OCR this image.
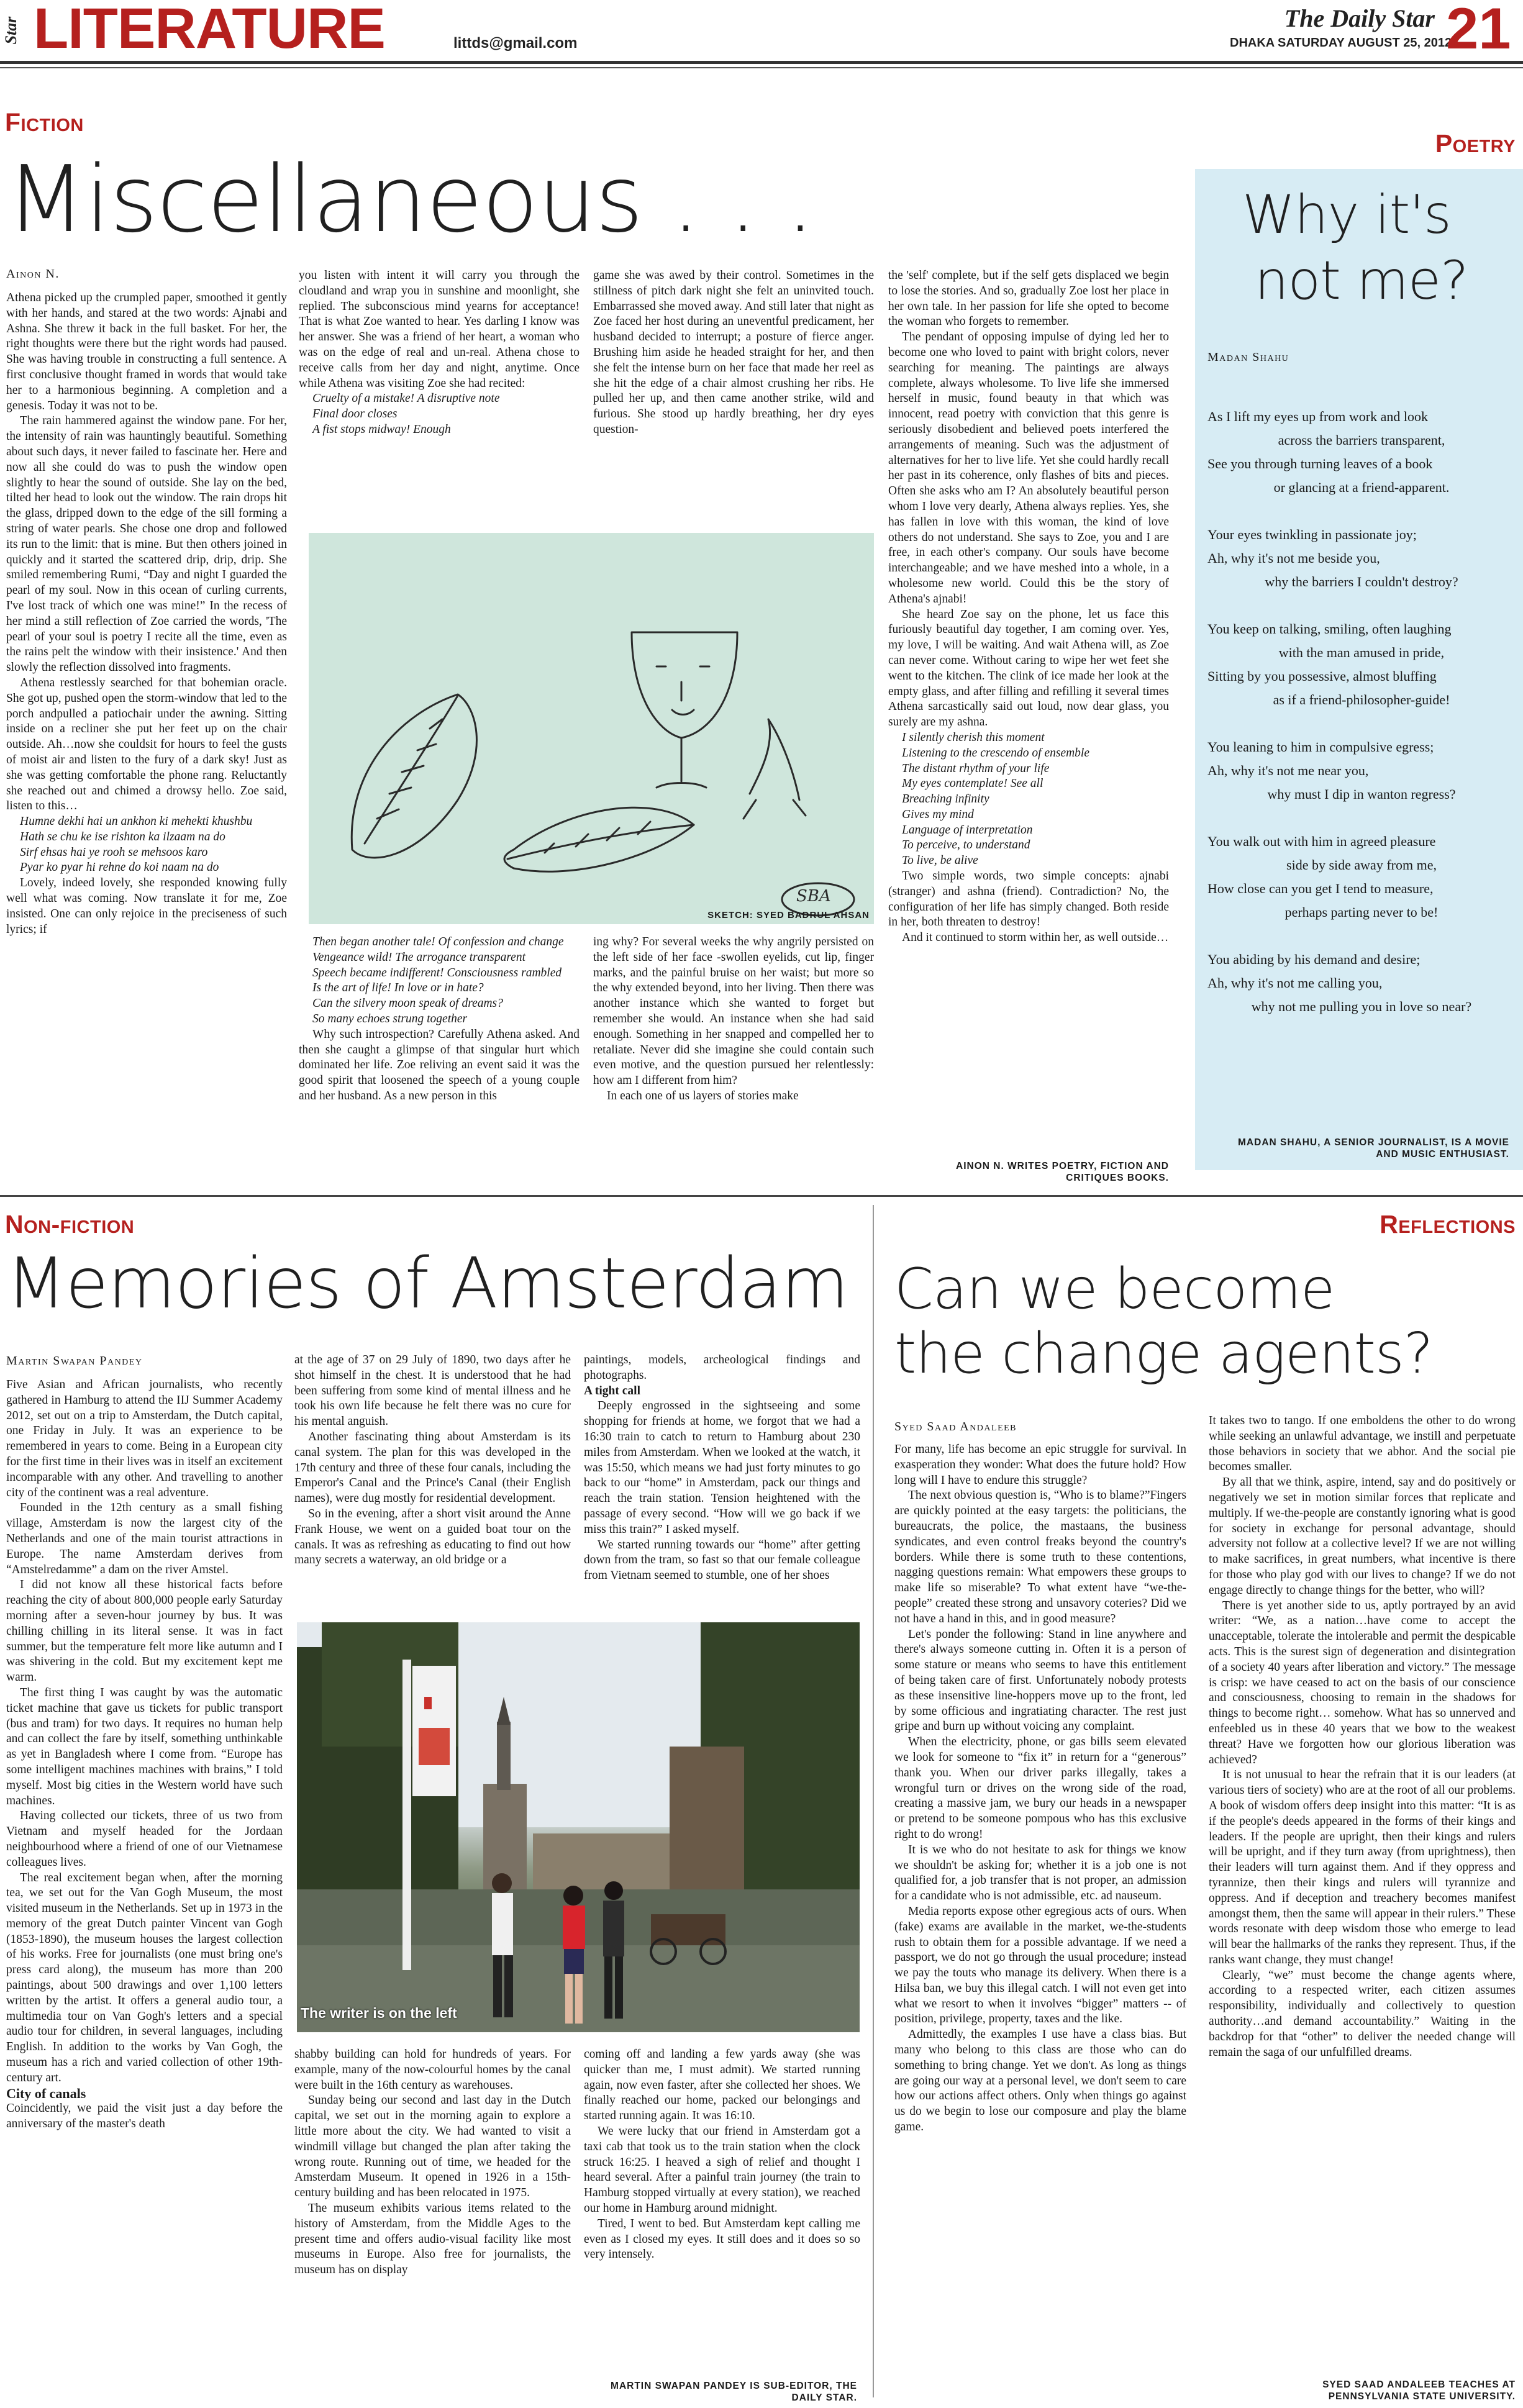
Star LITERATURE	littds@gmail.com
The Daily Star
DHAKA SATURDAY AUGUST 25, 2012
21
Fiction
Miscellaneous . . .
Ainon N.

Athena picked up the crumpled paper, smoothed it gently with her hands, and stared at the two words: Ajnabi and Ashna. She threw it back in the full basket. For her, the right thoughts were there but the right words had paused. She was having trouble in constructing a full sentence. A first conclusive thought framed in words that would take her to a harmonious beginning. A completion and a genesis. Today it was not to be.

The rain hammered against the window pane. For her, the intensity of rain was hauntingly beautiful. Something about such days, it never failed to fascinate her. Here and now all she could do was to push the window open slightly to hear the sound of outside. She lay on the bed, tilted her head to look out the window. The rain drops hit the glass, dripped down to the edge of the sill forming a string of water pearls. She chose one drop and followed its run to the limit: that is mine. But then others joined in quickly and it started the scattered drip, drip, drip. She smiled remembering Rumi, “Day and night I guarded the pearl of my soul. Now in this ocean of curling currents, I've lost track of which one was mine!” In the recess of her mind a still reflection of Zoe carried the words, 'The pearl of your soul is poetry I recite all the time, even as the rains pelt the window with their insistence.' And then slowly the reflection dissolved into fragments.

Athena restlessly searched for that bohemian oracle. She got up, pushed open the storm-window that led to the porch andpulled a patiochair under the awning. Sitting inside on a recliner she put her feet up on the chair outside. Ah…now she couldsit for hours to feel the gusts of moist air and listen to the fury of a dark sky! Just as she was getting comfortable the phone rang. Reluctantly she reached out and chimed a drowsy hello. Zoe said, listen to this…

Humne dekhi hai un ankhon ki mehekti khushbu

Hath se chu ke ise rishton ka ilzaam na do

Sirf ehsas hai ye rooh se mehsoos karo

Pyar ko pyar hi rehne do koi naam na do

Lovely, indeed lovely, she responded knowing fully well what was coming. Now translate it for me, Zoe insisted. One can only rejoice in the preciseness of such lyrics; if

you listen with intent it will carry you through the cloudland and wrap you in sunshine and moonlight, she replied. The subconscious mind yearns for acceptance! That is what Zoe wanted to hear. Yes darling I know was her answer. She was a friend of her heart, a woman who was on the edge of real and un-real. Athena chose to receive calls from her day and night, anytime. Once while Athena was visiting Zoe she had recited:

Cruelty of a mistake! A disruptive note

Final door closes

A fist stops midway! Enough

game she was awed by their control. Sometimes in the stillness of pitch dark night she felt an uninvited touch. Embarrassed she moved away. And still later that night as Zoe faced her host during an uneventful predicament, her husband decided to interrupt; a posture of fierce anger. Brushing him aside he headed straight for her, and then she felt the intense burn on her face that made her reel as she hit the edge of a chair almost crushing her ribs. He pulled her up, and then came another strike, wild and furious. She stood up hardly breathing, her dry eyes question-

SBA
SKETCH: SYED BADRUL AHSAN

Then began another tale! Of confession and change

Vengeance wild! The arrogance transparent

Speech became indifferent! Consciousness rambled

Is the art of life! In love or in hate?

Can the silvery moon speak of dreams?

So many echoes strung together

Why such introspection? Carefully Athena asked. And then she caught a glimpse of that singular hurt which dominated her life. Zoe reliving an event said it was the good spirit that loosened the speech of a young couple and her husband. As a new person in this

ing why? For several weeks the why angrily persisted on the left side of her face -swollen eyelids, cut lip, finger marks, and the painful bruise on her waist; but more so the why extended beyond, into her living. Then there was another instance which she wanted to forget but remember she would. An instance when she had said enough. Something in her snapped and compelled her to retaliate. Never did she imagine she could contain such even motive, and the question pursued her relentlessly: how am I different from him?

In each one of us layers of stories make

the 'self' complete, but if the self gets displaced we begin to lose the stories. And so, gradually Zoe lost her place in her own tale. In her passion for life she opted to become the woman who forgets to remember.

The pendant of opposing impulse of dying led her to become one who loved to paint with bright colors, never searching for meaning. The paintings are always complete, always wholesome. To live life she immersed herself in music, found beauty in that which was innocent, read poetry with conviction that this genre is seriously disobedient and believed poets interfered the arrangements of meaning. Such was the adjustment of alternatives for her to live life. Yet she could hardly recall her past in its coherence, only flashes of bits and pieces. Often she asks who am I? An absolutely beautiful person whom I love very dearly, Athena always replies. Yes, she has fallen in love with this woman, the kind of love others do not understand. She says to Zoe, you and I are free, in each other's company. Our souls have become interchangeable; and we have meshed into a whole, in a wholesome new world. Could this be the story of Athena's ajnabi!

She heard Zoe say on the phone, let us face this furiously beautiful day together, I am coming over. Yes, my love, I will be waiting. And wait Athena will, as Zoe can never come. Without caring to wipe her wet feet she went to the kitchen. The clink of ice made her look at the empty glass, and after filling and refilling it several times Athena sarcastically said out loud, now dear glass, you surely are my ashna.

I silently cherish this moment

Listening to the crescendo of ensemble

The distant rhythm of your life

My eyes contemplate! See all

Breaching infinity

Gives my mind

Language of interpretation

To perceive, to understand

To live, be alive

Two simple words, two simple concepts: ajnabi (stranger) and ashna (friend). Contradiction? No, the configuration of her life has simply changed. Both reside in her, both threaten to destroy!

And it continued to storm within her, as well outside…

AINON N. WRITES POETRY, FICTION AND CRITIQUES BOOKS.
Poetry
Why it's
not me?
Madan Shahu

As I lift my eyes up from work and look

across the barriers transparent,

See you through turning leaves of a book

or glancing at a friend-apparent.

Your eyes twinkling in passionate joy;

Ah, why it's not me beside you,

why the barriers I couldn't destroy?

You keep on talking, smiling, often laughing

with the man amused in pride,

Sitting by you possessive, almost bluffing

as if a friend-philosopher-guide!

You leaning to him in compulsive egress;

Ah, why it's not me near you,

why must I dip in wanton regress?

You walk out with him in agreed pleasure

side by side away from me,

How close can you get I tend to measure,

perhaps parting never to be!

You abiding by his demand and desire;

Ah, why it's not me calling you,

why not me pulling you in love so near?

MADAN SHAHU, A SENIOR JOURNALIST, IS A MOVIE AND MUSIC ENTHUSIAST.
Non-fiction
Memories of Amsterdam
Martin Swapan Pandey

Five Asian and African journalists, who recently gathered in Hamburg to attend the IIJ Summer Academy 2012, set out on a trip to Amsterdam, the Dutch capital, one Friday in July. It was an experience to be remembered in years to come. Being in a European city for the first time in their lives was in itself an excitement incomparable with any other. And travelling to another city of the continent was a real adventure.

Founded in the 12th century as a small fishing village, Amsterdam is now the largest city of the Netherlands and one of the main tourist attractions in Europe. The name Amsterdam derives from “Amstelredamme” a dam on the river Amstel.

I did not know all these historical facts before reaching the city of about 800,000 people early Saturday morning after a seven-hour journey by bus. It was chilling chilling in its literal sense. It was in fact summer, but the temperature felt more like autumn and I was shivering in the cold. But my excitement kept me warm.

The first thing I was caught by was the automatic ticket machine that gave us tickets for public transport (bus and tram) for two days. It requires no human help and can collect the fare by itself, something unthinkable as yet in Bangladesh where I come from. “Europe has some intelligent machines machines with brains,” I told myself. Most big cities in the Western world have such machines.

Having collected our tickets, three of us two from Vietnam and myself headed for the Jordaan neighbourhood where a friend of one of our Vietnamese colleagues lives.

The real excitement began when, after the morning tea, we set out for the Van Gogh Museum, the most visited museum in the Netherlands. Set up in 1973 in the memory of the great Dutch painter Vincent van Gogh (1853-1890), the museum houses the largest collection of his works. Free for journalists (one must bring one's press card along), the museum has more than 200 paintings, about 500 drawings and over 1,100 letters written by the artist. It offers a general audio tour, a multimedia tour on Van Gogh's letters and a special audio tour for children, in several languages, including English. In addition to the works by Van Gogh, the museum has a rich and varied collection of other 19th-century art.

City of canals

Coincidently, we paid the visit just a day before the anniversary of the master's death

at the age of 37 on 29 July of 1890, two days after he shot himself in the chest. It is understood that he had been suffering from some kind of mental illness and he took his own life because he felt there was no cure for his mental anguish.

Another fascinating thing about Amsterdam is its canal system. The plan for this was developed in the 17th century and three of these four canals, including the Emperor's Canal and the Prince's Canal (their English names), were dug mostly for residential development.

So in the evening, after a short visit around the Anne Frank House, we went on a guided boat tour on the canals. It was as refreshing as educating to find out how many secrets a waterway, an old bridge or a

paintings, models, archeological findings and photographs.

A tight call

Deeply engrossed in the sightseeing and some shopping for friends at home, we forgot that we had a 16:30 train to catch to return to Hamburg about 230 miles from Amsterdam. When we looked at the watch, it was 15:50, which means we had just forty minutes to go back to our “home” in Amsterdam, pack our things and reach the train station. Tension heightened with the passage of every second. “How will we go back if we miss this train?” I asked myself.

We started running towards our “home” after getting down from the tram, so fast so that our female colleague from Vietnam seemed to stumble, one of her shoes

The writer is on the left

shabby building can hold for hundreds of years. For example, many of the now-colourful homes by the canal were built in the 16th century as warehouses.

Sunday being our second and last day in the Dutch capital, we set out in the morning again to explore a little more about the city. We had wanted to visit a windmill village but changed the plan after taking the wrong route. Running out of time, we headed for the Amsterdam Museum. It opened in 1926 in a 15th-century building and has been relocated in 1975.

The museum exhibits various items related to the history of Amsterdam, from the Middle Ages to the present time and offers audio-visual facility like most museums in Europe. Also free for journalists, the museum has on display

coming off and landing a few yards away (she was quicker than me, I must admit). We started running again, now even faster, after she collected her shoes. We finally reached our home, packed our belongings and started running again. It was 16:10.

We were lucky that our friend in Amsterdam got a taxi cab that took us to the train station when the clock struck 16:25. I heaved a sigh of relief and thought I heard several. After a painful train journey (the train to Hamburg stopped virtually at every station), we reached our home in Hamburg around midnight.

Tired, I went to bed. But Amsterdam kept calling me even as I closed my eyes. It still does and it does so so very intensely.

MARTIN SWAPAN PANDEY IS SUB-EDITOR, THE DAILY STAR.
Reflections
Can we become
the change agents?
Syed Saad Andaleeb

For many, life has become an epic struggle for survival. In exasperation they wonder: What does the future hold? How long will I have to endure this struggle?

The next obvious question is, “Who is to blame?”Fingers are quickly pointed at the easy targets: the politicians, the bureaucrats, the police, the mastaans, the business syndicates, and even control freaks beyond the country's borders. While there is some truth to these contentions, nagging questions remain: What empowers these groups to make life so miserable? To what extent have “we-the-people” created these strong and unsavory coteries? Did we not have a hand in this, and in good measure?

Let's ponder the following: Stand in line anywhere and there's always someone cutting in. Often it is a person of some stature or means who seems to have this entitlement of being taken care of first. Unfortunately nobody protests as these insensitive line-hoppers move up to the front, led by some officious and ingratiating character. The rest just gripe and burn up without voicing any complaint.

When the electricity, phone, or gas bills seem elevated we look for someone to “fix it” in return for a “generous” thank you. When our driver parks illegally, takes a wrongful turn or drives on the wrong side of the road, creating a massive jam, we bury our heads in a newspaper or pretend to be someone pompous who has this exclusive right to do wrong!

It is we who do not hesitate to ask for things we know we shouldn't be asking for; whether it is a job one is not qualified for, a job transfer that is not proper, an admission for a candidate who is not admissible, etc. ad nauseum.

Media reports expose other egregious acts of ours. When (fake) exams are available in the market, we-the-students rush to obtain them for a possible advantage. If we need a passport, we do not go through the usual procedure; instead we pay the touts who manage its delivery. When there is a Hilsa ban, we buy this illegal catch. I will not even get into what we resort to when it involves “bigger” matters -- of position, privilege, property, taxes and the like.

Admittedly, the examples I use have a class bias. But many who belong to this class are those who can do something to bring change. Yet we don't. As long as things are going our way at a personal level, we don't seem to care how our actions affect others. Only when things go against us do we begin to lose our composure and play the blame game.

It takes two to tango. If one emboldens the other to do wrong while seeking an unlawful advantage, we instill and perpetuate those behaviors in society that we abhor. And the social pie becomes smaller.

By all that we think, aspire, intend, say and do positively or negatively we set in motion similar forces that replicate and multiply. If we-the-people are constantly ignoring what is good for society in exchange for personal advantage, should adversity not follow at a collective level? If we are not willing to make sacrifices, in great numbers, what incentive is there for those who play god with our lives to change? If we do not engage directly to change things for the better, who will?

There is yet another side to us, aptly portrayed by an avid writer: “We, as a nation…have come to accept the unacceptable, tolerate the intolerable and permit the despicable acts. This is the surest sign of degeneration and disintegration of a society 40 years after liberation and victory.” The message is crisp: we have ceased to act on the basis of our conscience and consciousness, choosing to remain in the shadows for things to become right… somehow. What has so unnerved and enfeebled us in these 40 years that we bow to the weakest threat? Have we forgotten how our glorious liberation was achieved?

It is not unusual to hear the refrain that it is our leaders (at various tiers of society) who are at the root of all our problems. A book of wisdom offers deep insight into this matter: “It is as if the people's deeds appeared in the forms of their kings and leaders. If the people are upright, then their kings and rulers will be upright, and if they turn away (from uprightness), then their leaders will turn against them. And if they oppress and tyrannize, then their kings and rulers will tyrannize and oppress. And if deception and treachery becomes manifest amongst them, then the same will appear in their rulers.” These words resonate with deep wisdom those who emerge to lead will bear the hallmarks of the ranks they represent. Thus, if the ranks want change, they must change!

Clearly, “we” must become the change agents where, according to a respected writer, each citizen assumes responsibility, individually and collectively to question authority…and demand accountability.” Waiting in the backdrop for that “other” to deliver the needed change will remain the saga of our unfulfilled dreams.

SYED SAAD ANDALEEB TEACHES AT PENNSYLVANIA STATE UNIVERSITY.
